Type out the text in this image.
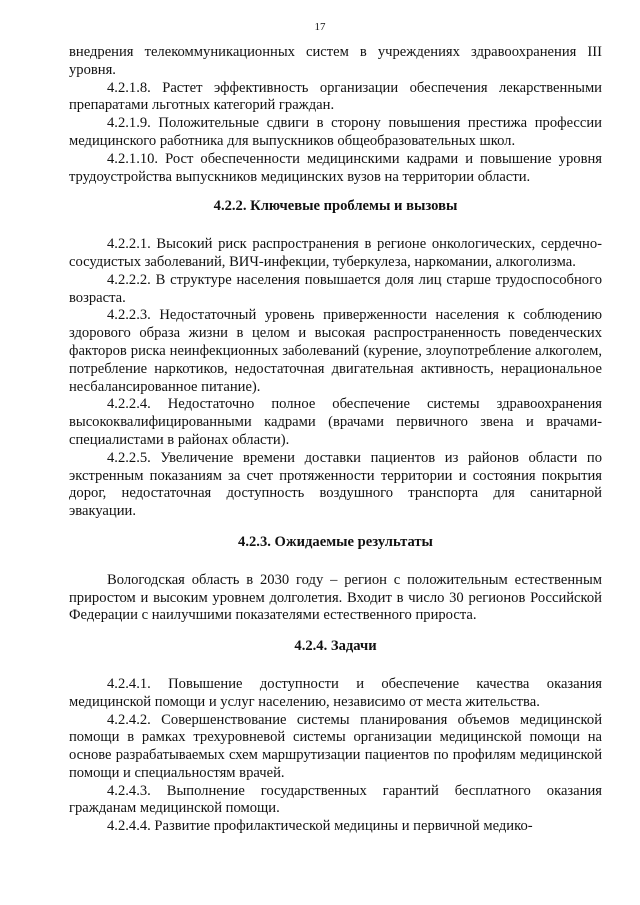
17

внедрения телекоммуникационных систем в учреждениях здравоохранения III уровня.

4.2.1.8. Растет эффективность организации обеспечения лекарственными препаратами льготных категорий граждан.

4.2.1.9. Положительные сдвиги в сторону повышения престижа профессии медицинского работника для выпускников общеобразовательных школ.

4.2.1.10. Рост обеспеченности медицинскими кадрами и повышение уровня трудоустройства выпускников медицинских вузов на территории области.

4.2.2. Ключевые проблемы и вызовы

4.2.2.1. Высокий риск распространения в регионе онкологических, сердечно-сосудистых заболеваний, ВИЧ-инфекции, туберкулеза, наркомании, алкоголизма.

4.2.2.2. В структуре населения повышается доля лиц старше трудоспособного возраста.

4.2.2.3. Недостаточный уровень приверженности населения к соблюдению здорового образа жизни в целом и высокая распространенность поведенческих факторов риска неинфекционных заболеваний (курение, злоупотребление алкоголем, потребление наркотиков, недостаточная двигательная активность, нерациональное несбалансированное питание).

4.2.2.4. Недостаточно полное обеспечение системы здравоохранения высококвалифицированными кадрами (врачами первичного звена и врачами-специалистами в районах области).

4.2.2.5. Увеличение времени доставки пациентов из районов области по экстренным показаниям за счет протяженности территории и состояния покрытия дорог, недостаточная доступность воздушного транспорта для санитарной эвакуации.

4.2.3. Ожидаемые результаты

Вологодская область в 2030 году – регион с положительным естественным приростом и высоким уровнем долголетия. Входит в число 30 регионов Российской Федерации с наилучшими показателями естественного прироста.

4.2.4. Задачи

4.2.4.1. Повышение доступности и обеспечение качества оказания медицинской помощи и услуг населению, независимо от места жительства.

4.2.4.2. Совершенствование системы планирования объемов медицинской помощи в рамках трехуровневой системы организации медицинской помощи на основе разрабатываемых схем маршрутизации пациентов по профилям медицинской помощи и специальностям врачей.

4.2.4.3. Выполнение государственных гарантий бесплатного оказания гражданам медицинской помощи.

4.2.4.4. Развитие профилактической медицины и первичной медико-
